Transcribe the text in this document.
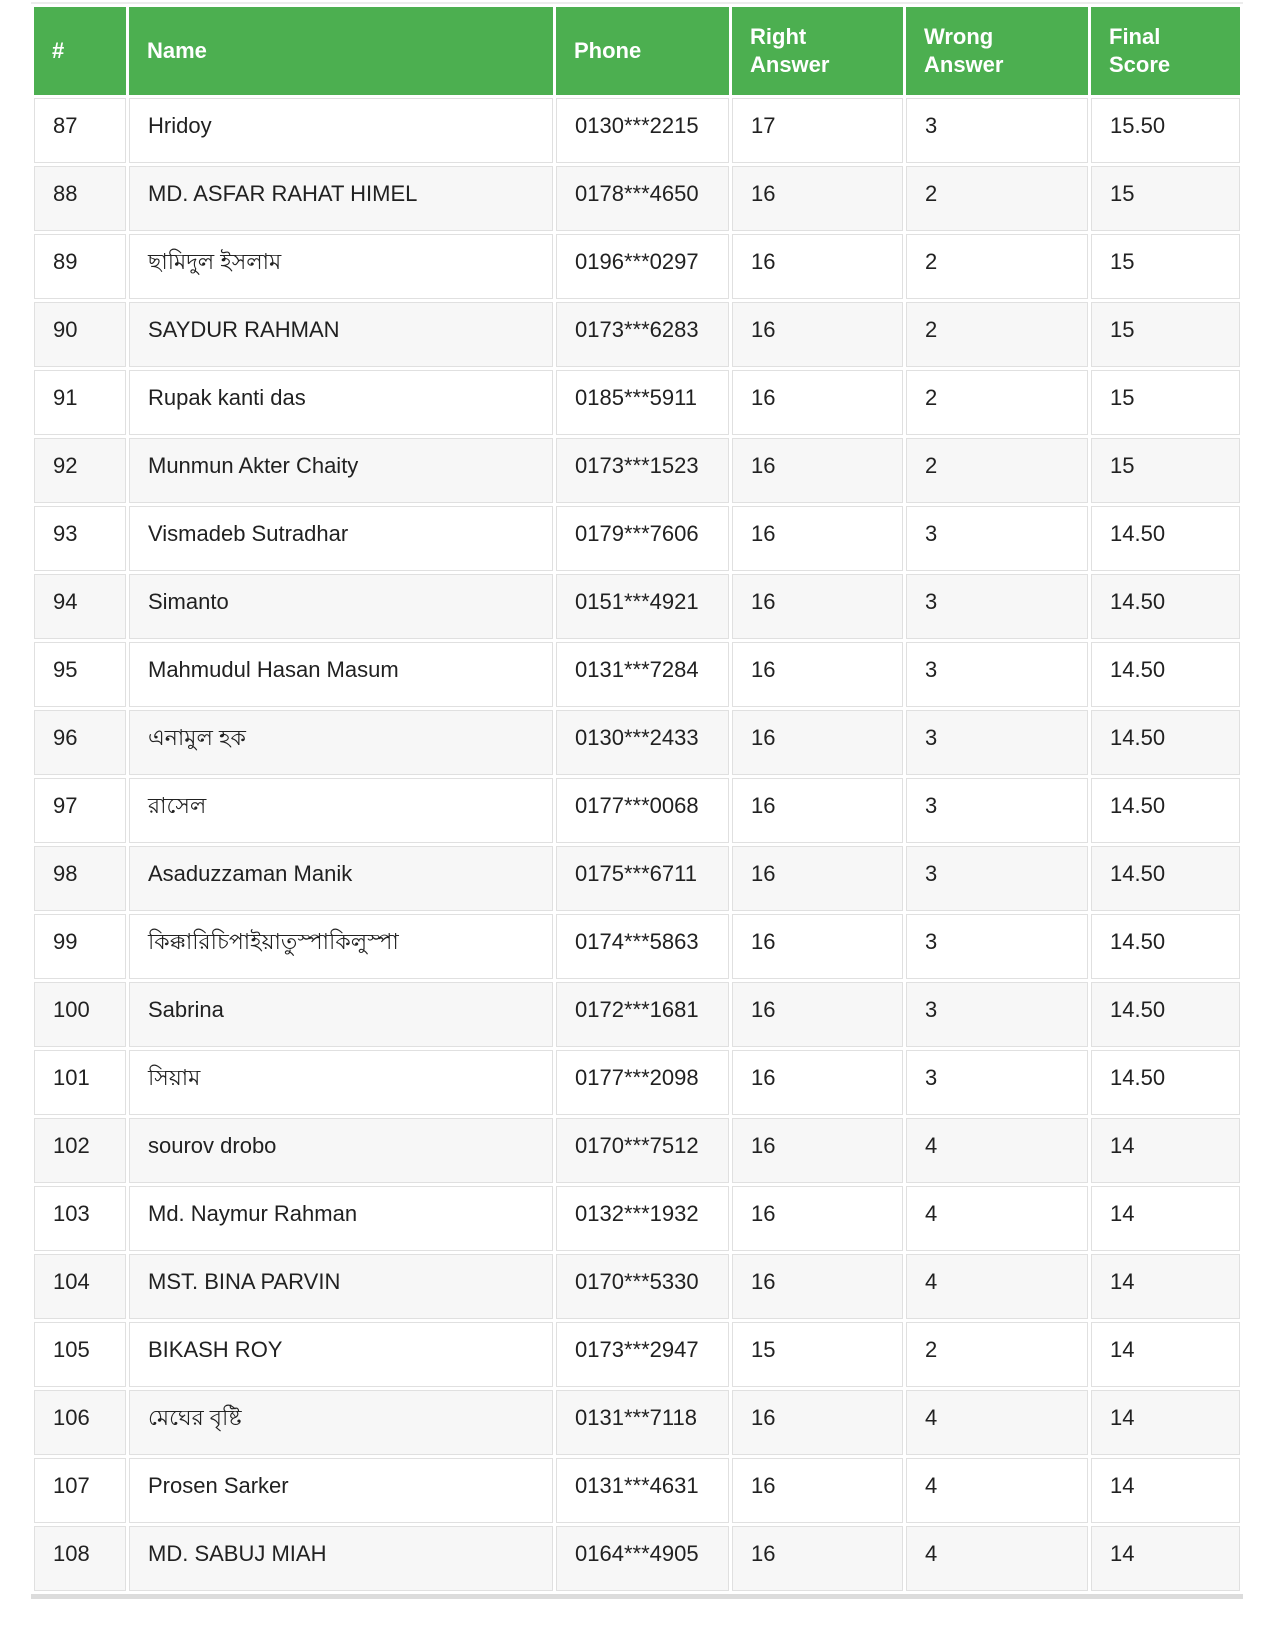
#	Name	Phone	Right Answer	Wrong Answer	Final Score
87	Hridoy	0130***2215	17	3	15.50
88	MD. ASFAR RAHAT HIMEL	0178***4650	16	2	15
89	ছামিদুল ইসলাম	0196***0297	16	2	15
90	SAYDUR RAHMAN	0173***6283	16	2	15
91	Rupak kanti das	0185***5911	16	2	15
92	Munmun Akter Chaity	0173***1523	16	2	15
93	Vismadeb Sutradhar	0179***7606	16	3	14.50
94	Simanto	0151***4921	16	3	14.50
95	Mahmudul Hasan Masum	0131***7284	16	3	14.50
96	এনামুল হক	0130***2433	16	3	14.50
97	রাসেল	0177***0068	16	3	14.50
98	Asaduzzaman Manik	0175***6711	16	3	14.50
99	কিক্কারিচিপাইয়াতুস্পাকিলুস্পা	0174***5863	16	3	14.50
100	Sabrina	0172***1681	16	3	14.50
101	সিয়াম	0177***2098	16	3	14.50
102	sourov drobo	0170***7512	16	4	14
103	Md. Naymur Rahman	0132***1932	16	4	14
104	MST. BINA PARVIN	0170***5330	16	4	14
105	BIKASH ROY	0173***2947	15	2	14
106	মেঘের বৃষ্টি	0131***7118	16	4	14
107	Prosen Sarker	0131***4631	16	4	14
108	MD. SABUJ MIAH	0164***4905	16	4	14
